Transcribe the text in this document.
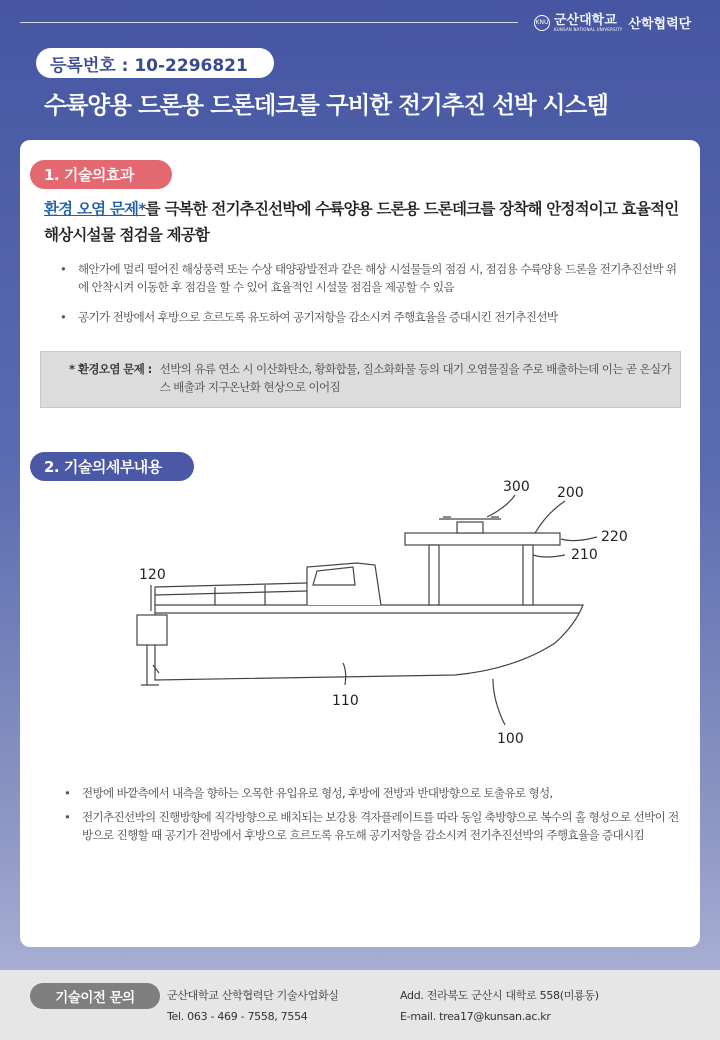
KNU 군산대학교
KUNSAN NATIONAL UNIVERSITY 산학협력단
등록번호 : 10-2296821
수륙양용 드론용 드론데크를 구비한 전기추진 선박 시스템
1. 기술의효과
환경 오염 문제*를 극복한 전기추진선박에 수륙양용 드론용 드론데크를 장착해 안정적이고 효율적인 해상시설물 점검을 제공함
• 해안가에 멀리 떨어진 해상풍력 또는 수상 태양광발전과 같은 해상 시설물들의 점검 시, 점검용 수륙양용 드론을 전기추진선박 위에 안착시켜 이동한 후 점검을 할 수 있어 효율적인 시설물 점검을 제공할 수 있음
• 공기가 전방에서 후방으로 흐르도록 유도하여 공기저항을 감소시켜 주행효율을 증대시킨 전기추진선박
* 환경오염 문제 : 선박의 유류 연소 시 이산화탄소, 황화합물, 질소화화물 등의 대기 오염물질을 주로 배출하는데 이는 곧 온실가스 배출과 지구온난화 현상으로 이어짐
2. 기술의세부내용
300 200
220
210
120
110
100
• 전방에 바깥측에서 내측을 향하는 오목한 유입유로 형성, 후방에 전방과 반대방향으로 토출유로 형성,
• 전기추진선박의 진행방향에 직각방향으로 배치되는 보강용 격자플레이트를 따라 동일 축방향으로 복수의 홀 형성으로 선박이 전방으로 진행할 때 공기가 전방에서 후방으로 흐르도록 유도해 공기저항을 감소시켜 전기추진선박의 주행효율을 증대시킴
기술이전 문의	군산대학교 산학협력단 기술사업화실
Tel. 063 - 469 - 7558, 7554
Add. 전라북도 군산시 대학로 558(미룡동)
E-mail. trea17@kunsan.ac.kr
